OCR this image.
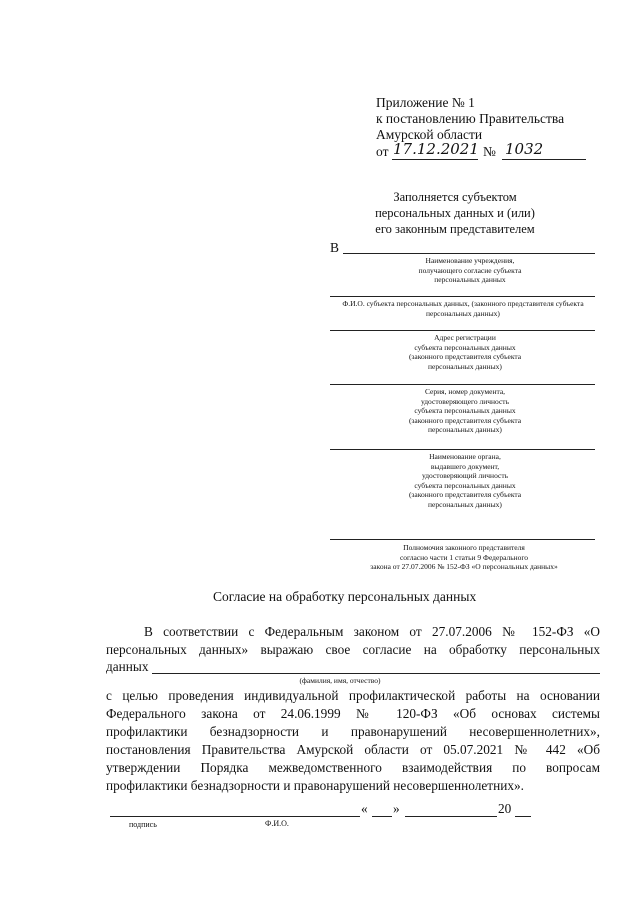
Приложение № 1
к постановлению Правительства
Амурской области
от 17.12.2021 № 1032
Заполняется субъектом
персональных данных и (или)
его законным представителем
В
Наименование учреждения,
получающего согласие субъекта
персональных данных
Ф.И.О. субъекта персональных данных, (законного представителя субъекта
персональных данных)
Адрес регистрации
субъекта персональных данных
(законного представителя субъекта
персональных данных)
Серия, номер документа,
удостоверяющего личность
субъекта персональных данных
(законного представителя субъекта
персональных данных)
Наименование органа,
выдавшего документ,
удостоверяющий личность
субъекта персональных данных
(законного представителя субъекта
персональных данных)
Полномочия законного представителя
согласно части 1 статьи 9 Федерального
закона от 27.07.2006 № 152-ФЗ «О персональных данных»
Согласие на обработку персональных данных
В соответствии с Федеральным законом от 27.07.2006 № 152-ФЗ «О
персональных данных» выражаю свое согласие на обработку персональных
данных
(фамилия, имя, отчество)
с целью проведения индивидуальной профилактической работы на основании
Федерального закона от 24.06.1999 № 120-ФЗ «Об основах системы
профилактики безнадзорности и правонарушений несовершеннолетних»,
постановления Правительства Амурской области от 05.07.2021 № 442 «Об
утверждении Порядка межведомственного взаимодействия по вопросам
профилактики безнадзорности и правонарушений несовершеннолетних».
« »	20
подпись	Ф.И.О.
